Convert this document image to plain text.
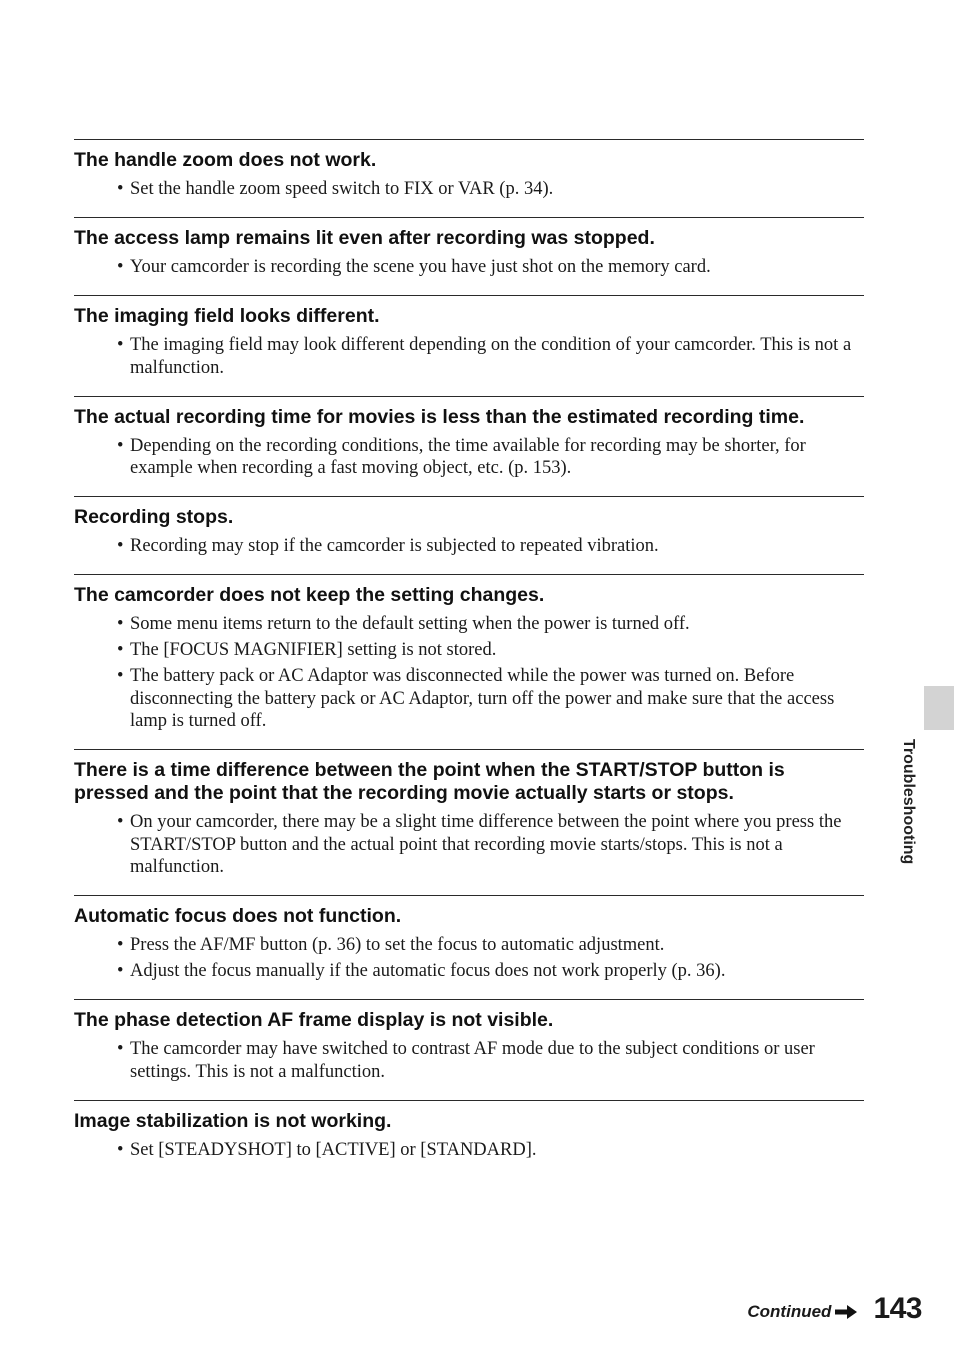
The handle zoom does not work.
• Set the handle zoom speed switch to FIX or VAR (p. 34).
The access lamp remains lit even after recording was stopped.
• Your camcorder is recording the scene you have just shot on the memory card.
The imaging field looks different.
• The imaging field may look different depending on the condition of your camcorder. This is not a malfunction.
The actual recording time for movies is less than the estimated recording time.
• Depending on the recording conditions, the time available for recording may be shorter, for example when recording a fast moving object, etc. (p. 153).
Recording stops.
• Recording may stop if the camcorder is subjected to repeated vibration.
The camcorder does not keep the setting changes.
• Some menu items return to the default setting when the power is turned off.
• The [FOCUS MAGNIFIER] setting is not stored.
• The battery pack or AC Adaptor was disconnected while the power was turned on. Before disconnecting the battery pack or AC Adaptor, turn off the power and make sure that the access lamp is turned off.
There is a time difference between the point when the START/STOP button is pressed and the point that the recording movie actually starts or stops.
• On your camcorder, there may be a slight time difference between the point where you press the START/STOP button and the actual point that recording movie starts/stops. This is not a malfunction.
Automatic focus does not function.
• Press the AF/MF button (p. 36) to set the focus to automatic adjustment.
• Adjust the focus manually if the automatic focus does not work properly (p. 36).
The phase detection AF frame display is not visible.
• The camcorder may have switched to contrast AF mode due to the subject conditions or user settings. This is not a malfunction.
Image stabilization is not working.
• Set [STEADYSHOT] to [ACTIVE] or [STANDARD].
Troubleshooting
Continued 143
